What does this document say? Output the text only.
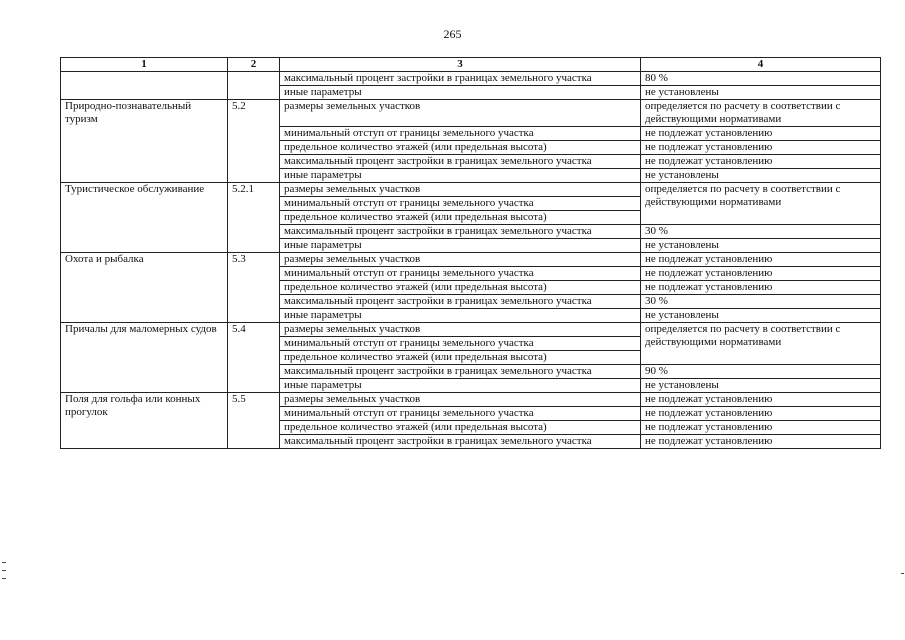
265
1	2	3	4
		максимальный процент застройки в границах земельного участка	80 %
		иные параметры	не установлены
Природно-познавательный туризм	5.2	размеры земельных участков	определяется по расчету в соответствии с действующими нормативами
		минимальный отступ от границы земельного участка	не подлежат установлению
		предельное количество этажей (или предельная высота)	не подлежат установлению
		максимальный процент застройки в границах земельного участка	не подлежат установлению
		иные параметры	не установлены
Туристическое обслуживание	5.2.1	размеры земельных участков	определяется по расчету в соответствии с действующими нормативами
		минимальный отступ от границы земельного участка	
		предельное количество этажей (или предельная высота)	
		максимальный процент застройки в границах земельного участка	30 %
		иные параметры	не установлены
Охота и рыбалка	5.3	размеры земельных участков	не подлежат установлению
		минимальный отступ от границы земельного участка	не подлежат установлению
		предельное количество этажей (или предельная высота)	не подлежат установлению
		максимальный процент застройки в границах земельного участка	30 %
		иные параметры	не установлены
Причалы для маломерных судов	5.4	размеры земельных участков	определяется по расчету в соответствии с действующими нормативами
		минимальный отступ от границы земельного участка	
		предельное количество этажей (или предельная высота)	
		максимальный процент застройки в границах земельного участка	90 %
		иные параметры	не установлены
Поля для гольфа или конных прогулок	5.5	размеры земельных участков	не подлежат установлению
		минимальный отступ от границы земельного участка	не подлежат установлению
		предельное количество этажей (или предельная высота)	не подлежат установлению
		максимальный процент застройки в границах земельного участка	не подлежат установлению
